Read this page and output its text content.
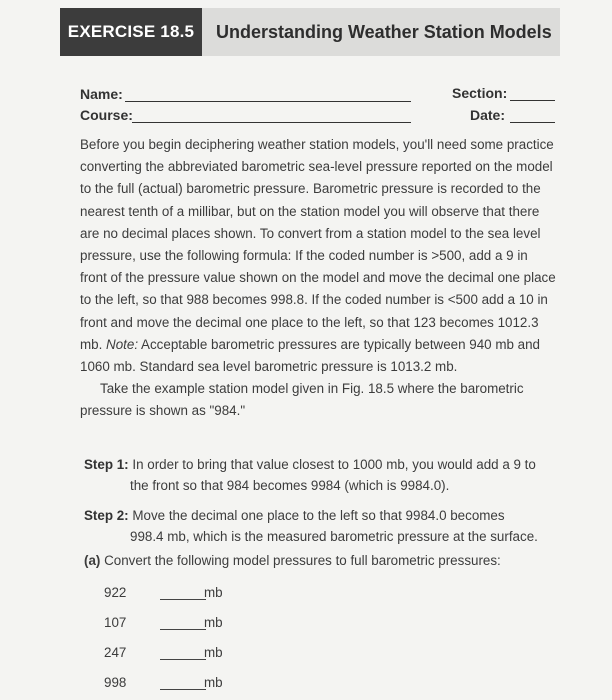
EXERCISE 18.5	Understanding Weather Station Models
Name:
Course:
Section:
Date:

Before you begin deciphering weather station models, you'll need some practice converting the abbreviated barometric sea-level pressure reported on the model to the full (actual) barometric pressure. Barometric pressure is recorded to the nearest tenth of a millibar, but on the station model you will observe that there are no decimal places shown. To convert from a station model to the sea level pressure, use the following formula: If the coded number is >500, add a 9 in front of the pressure value shown on the model and move the decimal one place to the left, so that 988 becomes 998.8. If the coded number is <500 add a 10 in front and move the decimal one place to the left, so that 123 becomes 1012.3 mb. Note: Acceptable barometric pressures are typically between 940 mb and 1060 mb. Standard sea level barometric pressure is 1013.2 mb.

Take the example station model given in Fig. 18.5 where the barometric pressure is shown as "984."

Step 1: In order to bring that value closest to 1000 mb, you would add a 9 to
the front so that 984 becomes 9984 (which is 9984.0).
Step 2: Move the decimal one place to the left so that 9984.0 becomes
998.4 mb, which is the measured barometric pressure at the surface.
(a) Convert the following model pressures to full barometric pressures:
922	mb
107	mb
247	mb
998	mb
